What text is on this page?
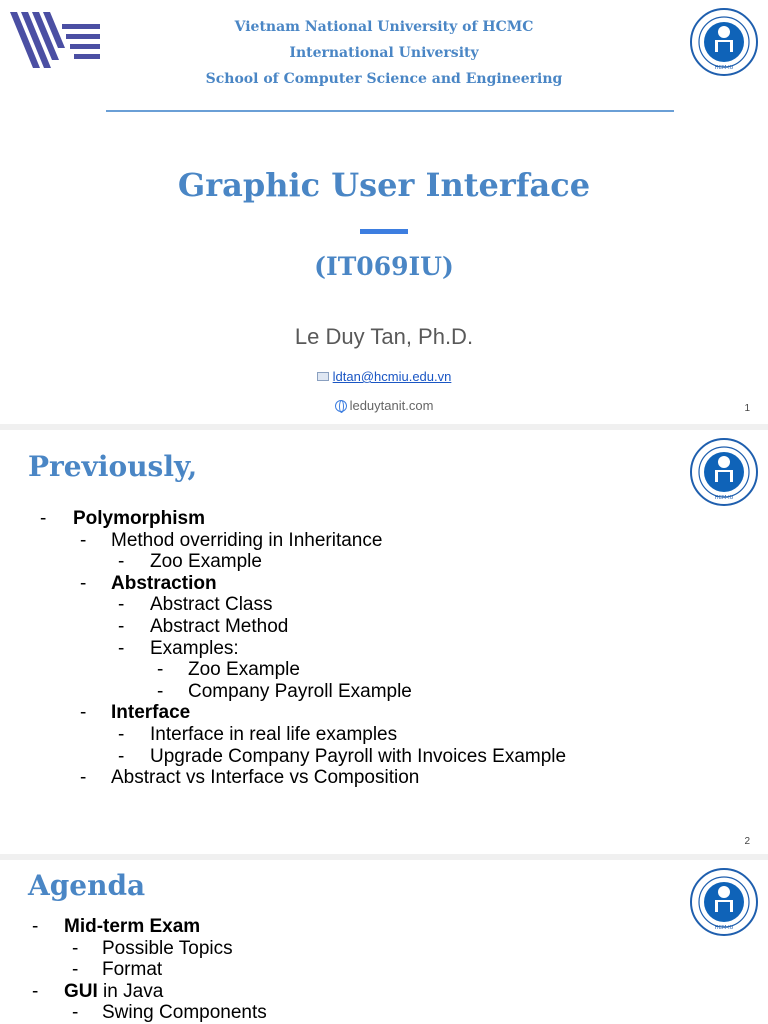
Vietnam National University of HCMC
International University
School of Computer Science and Engineering
HCM-IU
Graphic User Interface
(IT069IU)
Le Duy Tan, Ph.D.
ldtan@hcmiu.edu.vn
leduytanit.com	1
Previously,
HCM-IU
- Polymorphism
- Method overriding in Inheritance
- Zoo Example
- Abstraction
- Abstract Class
- Abstract Method
- Examples:
- Zoo Example
- Company Payroll Example
- Interface
- Interface in real life examples
- Upgrade Company Payroll with Invoices Example
- Abstract vs Interface vs Composition
2
Agenda
HCM-IU
- Mid-term Exam
- Possible Topics
- Format
- GUI in Java
- Swing Components
